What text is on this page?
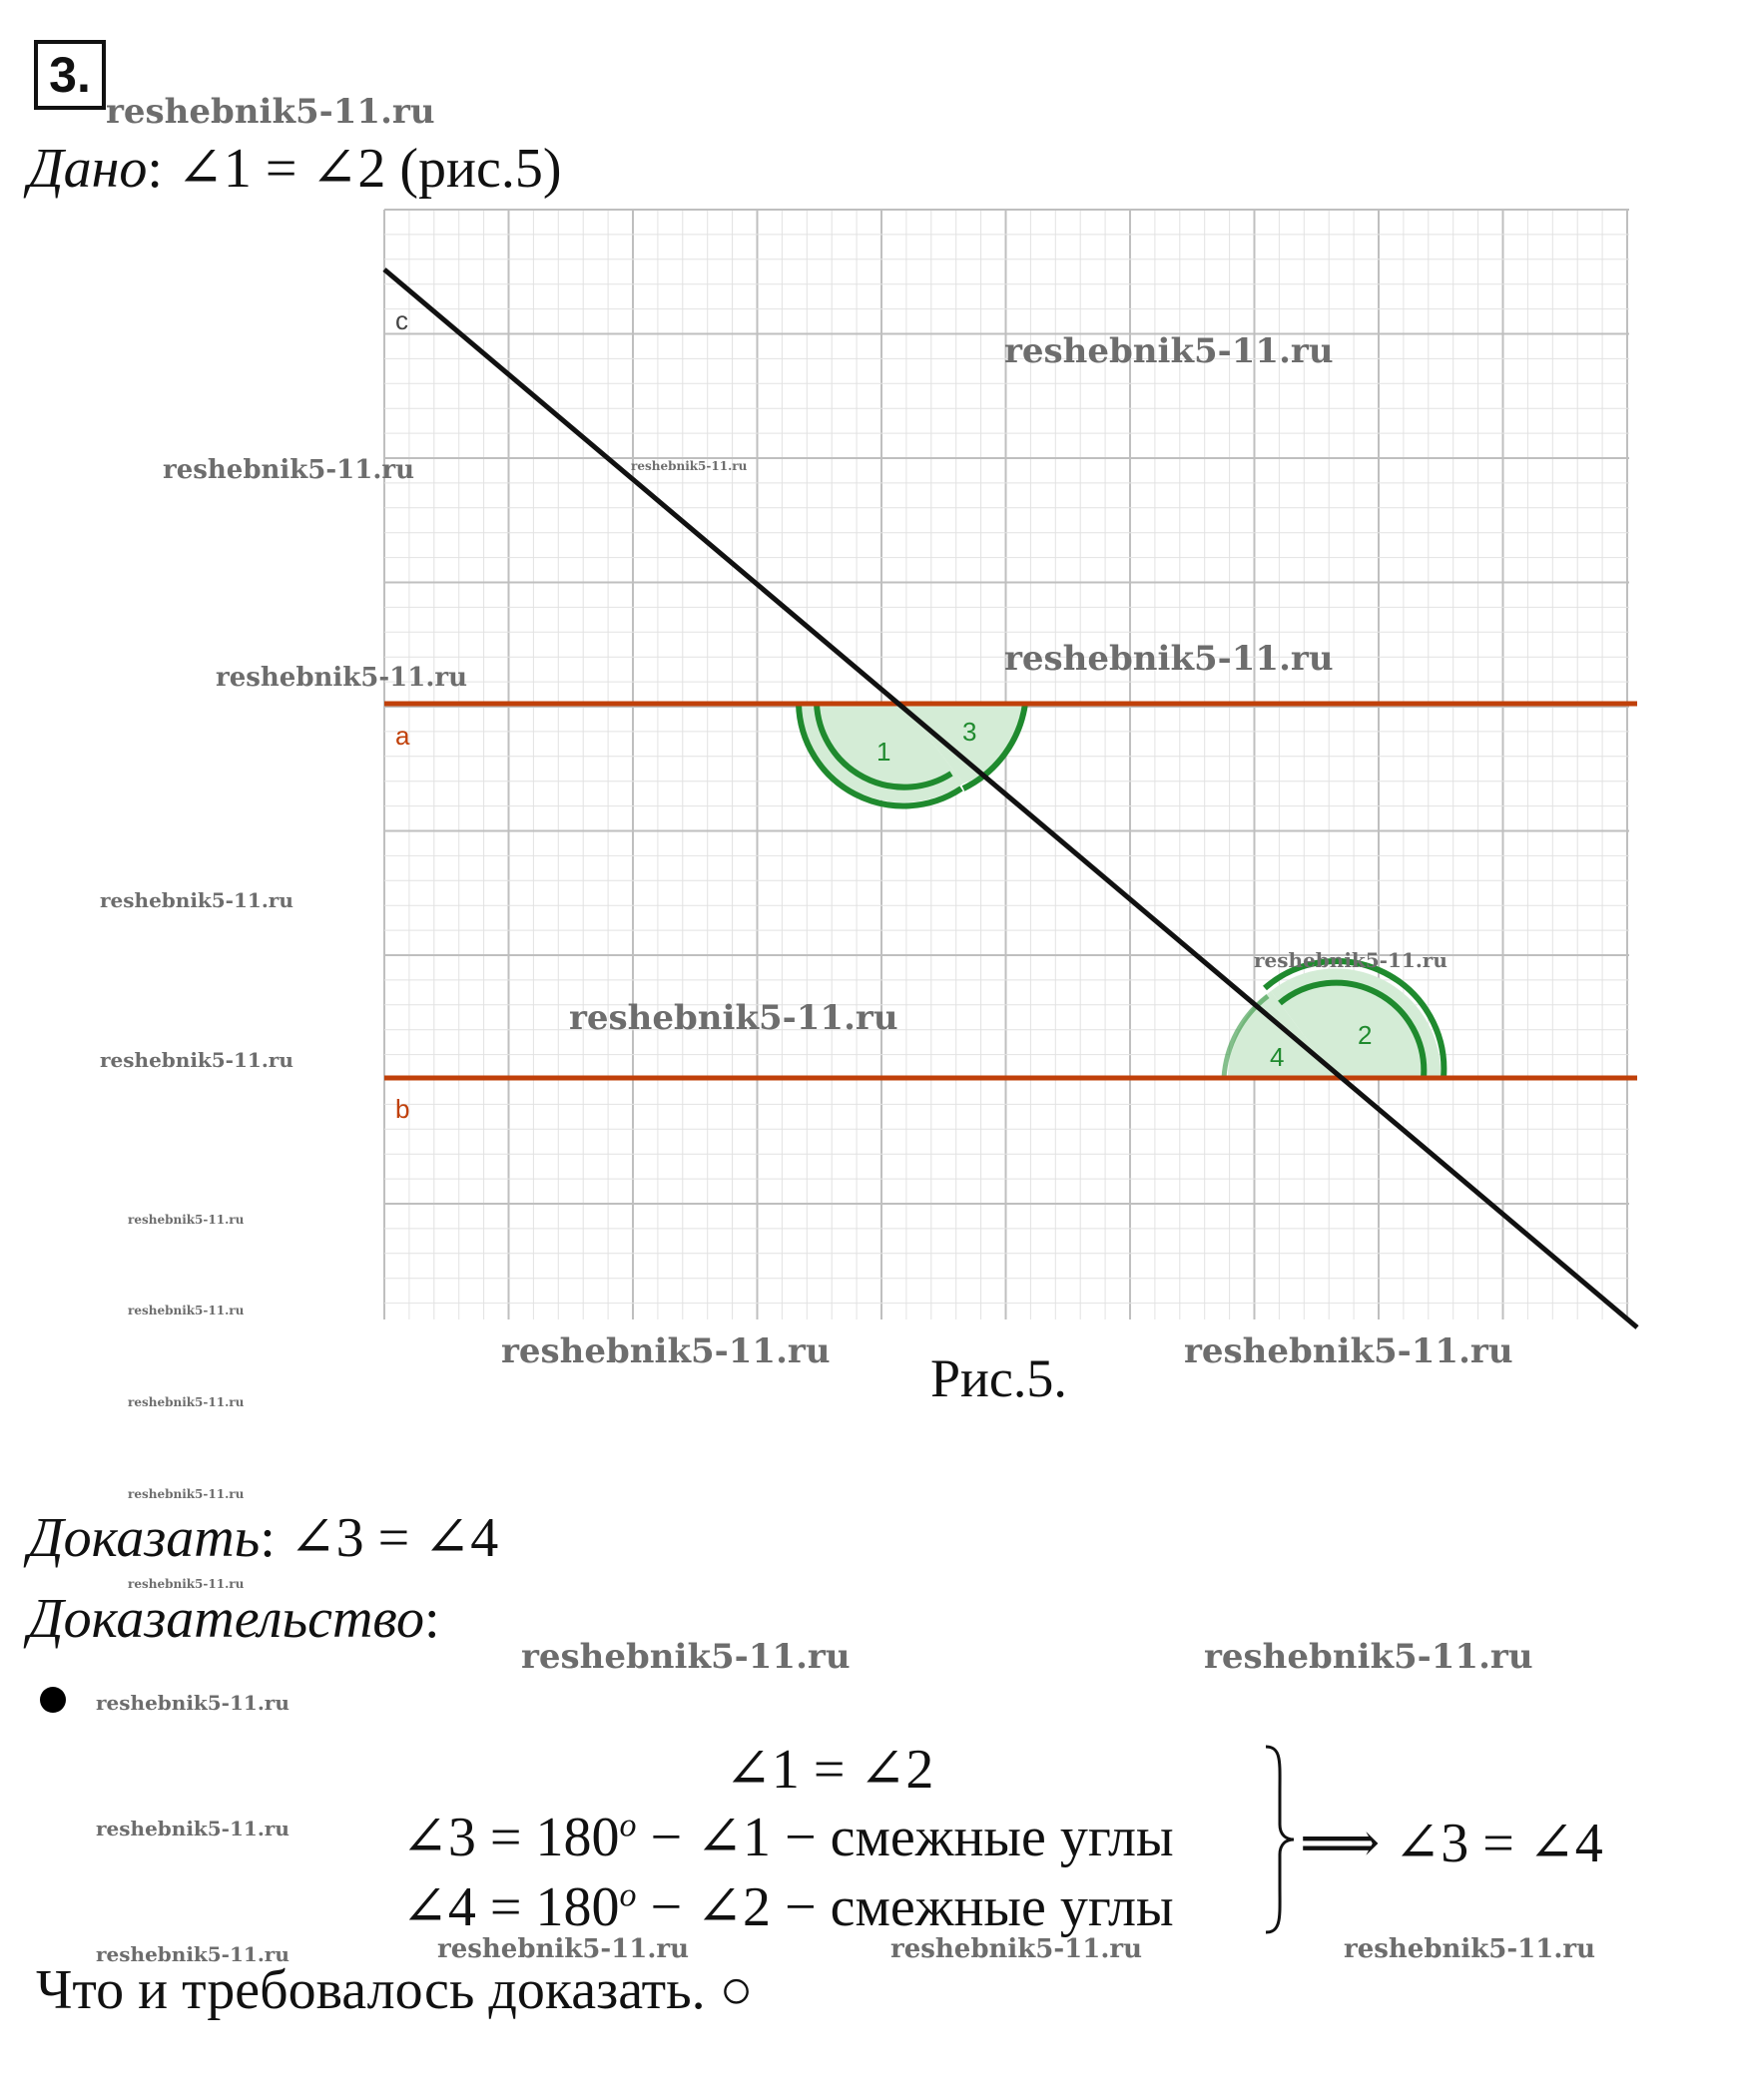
3.
reshebnik5-11.ru
Дано: ∠1 = ∠2 (рис.5)
c
a
b
1
3
2
4
reshebnik5-11.ru
reshebnik5-11.ru	reshebnik5-11.ru
reshebnik5-11.ru	reshebnik5-11.ru
reshebnik5-11.ru
reshebnik5-11.ru
reshebnik5-11.ru
reshebnik5-11.ru
reshebnik5-11.ru
reshebnik5-11.ru
reshebnik5-11.ru
reshebnik5-11.ru Рис.5.	reshebnik5-11.ru
reshebnik5-11.ru
Доказать: ∠3 = ∠4
reshebnik5-11.ru
Доказательство:
reshebnik5-11.ru	reshebnik5-11.ru
reshebnik5-11.ru
reshebnik5-11.ru
∠1 = ∠2
∠3 = $180^o$ − ∠1 − смежные углы
∠4 = $180^o$ − ∠2 − смежные углы
⟹ ∠3 = ∠4
reshebnik5-11.ru	reshebnik5-11.ru	reshebnik5-11.ru	reshebnik5-11.ru
Что и требовалось доказать. ○
